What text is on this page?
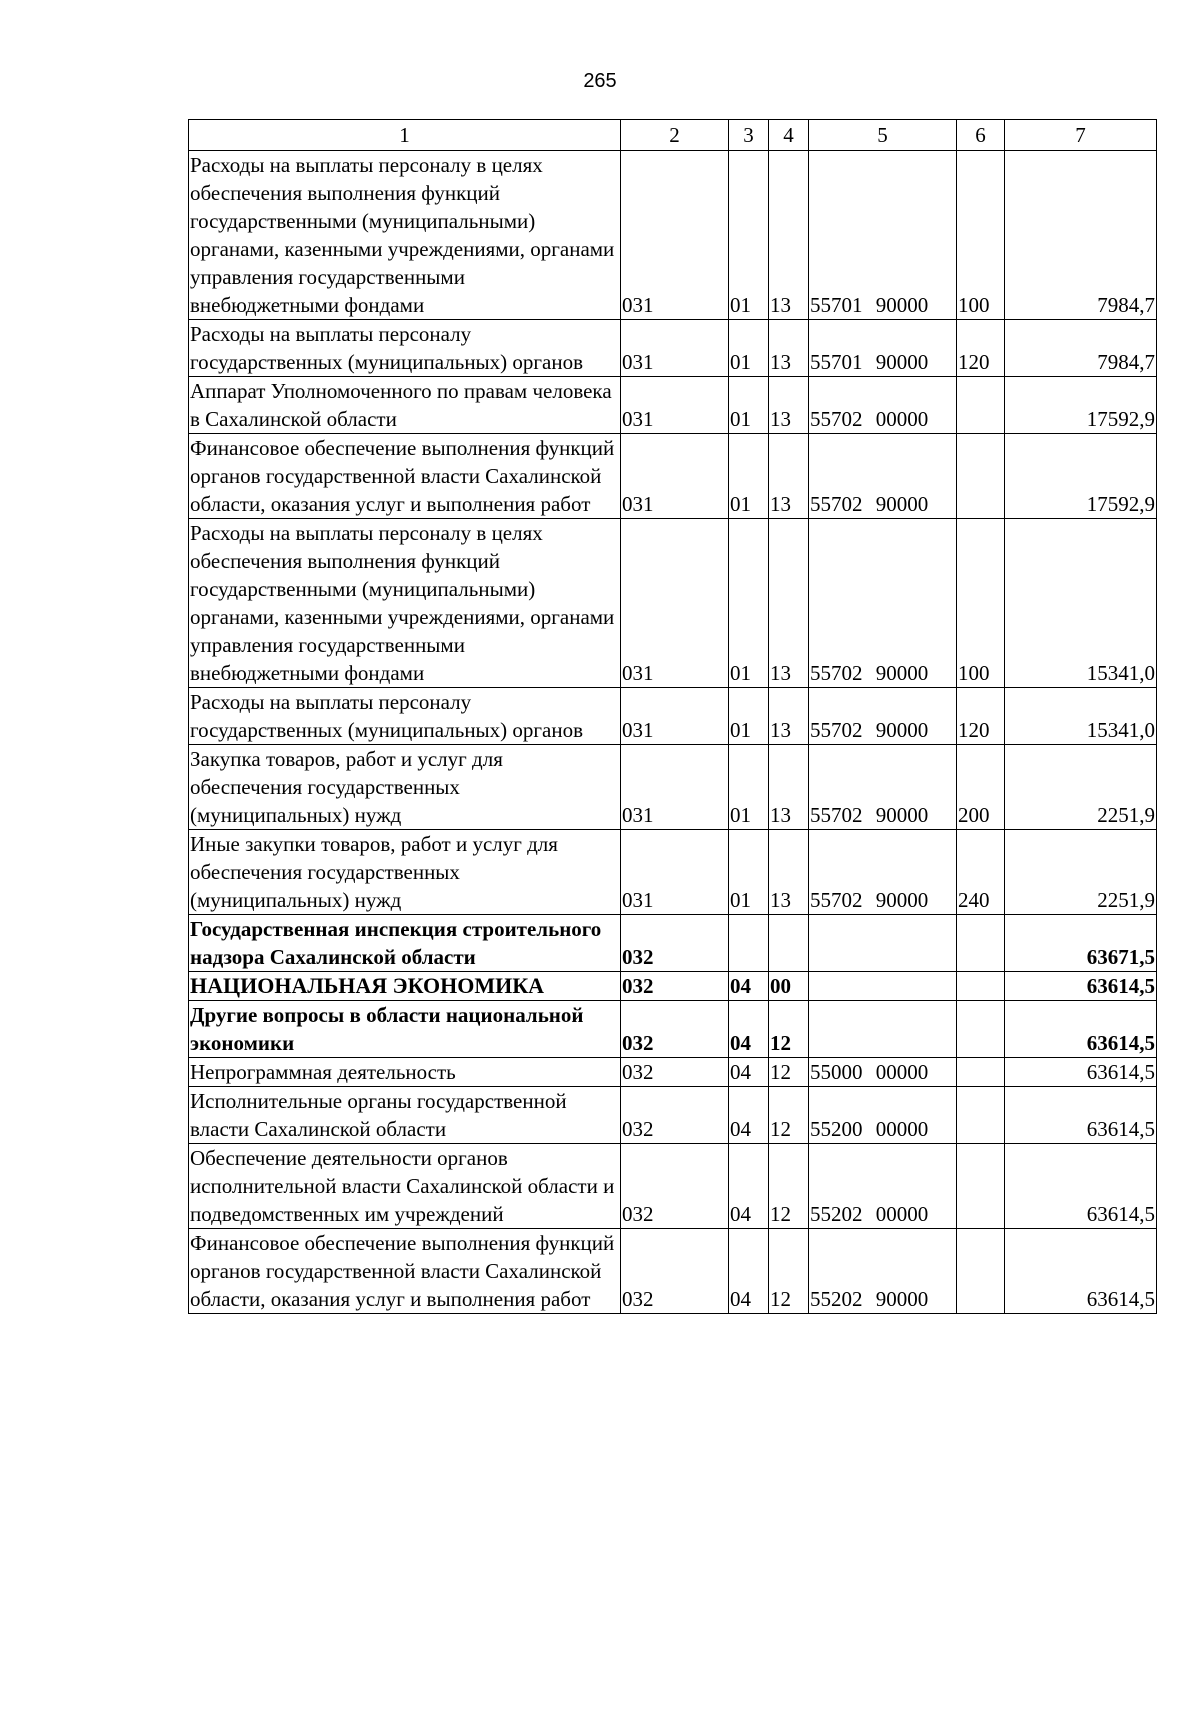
265
1	2	3	4	5	6	7
Расходы на выплаты персоналу в целях обеспечения выполнения функций государственными (муниципальными) органами, казенными учреждениями, органами управления государственными внебюджетными фондами	031	01	13	55701 90000	100	7984,7
Расходы на выплаты персоналу государственных (муниципальных) органов	031	01	13	55701 90000	120	7984,7
Аппарат Уполномоченного по правам человека в Сахалинской области	031	01	13	55702 00000		17592,9
Финансовое обеспечение выполнения функций органов государственной власти Сахалинской области, оказания услуг и выполнения работ	031	01	13	55702 90000		17592,9
Расходы на выплаты персоналу в целях обеспечения выполнения функций государственными (муниципальными) органами, казенными учреждениями, органами управления государственными внебюджетными фондами	031	01	13	55702 90000	100	15341,0
Расходы на выплаты персоналу государственных (муниципальных) органов	031	01	13	55702 90000	120	15341,0
Закупка товаров, работ и услуг для обеспечения государственных (муниципальных) нужд	031	01	13	55702 90000	200	2251,9
Иные закупки товаров, работ и услуг для обеспечения государственных (муниципальных) нужд	031	01	13	55702 90000	240	2251,9
Государственная инспекция строительного надзора Сахалинской области	032					63671,5
НАЦИОНАЛЬНАЯ ЭКОНОМИКА	032	04	00			63614,5
Другие вопросы в области национальной экономики	032	04	12			63614,5
Непрограммная деятельность	032	04	12	55000 00000		63614,5
Исполнительные органы государственной власти Сахалинской области	032	04	12	55200 00000		63614,5
Обеспечение деятельности органов исполнительной власти Сахалинской области и подведомственных им учреждений	032	04	12	55202 00000		63614,5
Финансовое обеспечение выполнения функций органов государственной власти Сахалинской области, оказания услуг и выполнения работ	032	04	12	55202 90000		63614,5
